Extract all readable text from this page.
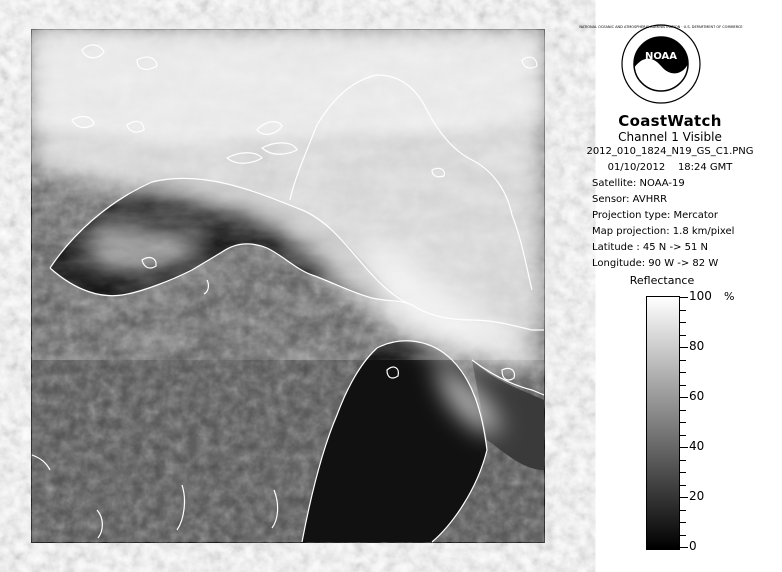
NOAA
NATIONAL OCEANIC AND ATMOSPHERIC ADMINISTRATION · U.S. DEPARTMENT OF COMMERCE
CoastWatch
Channel 1 Visible
2012_010_1824_N19_GS_C1.PNG
01/10/2012 18:24 GMT
Satellite: NOAA-19
Sensor: AVHRR
Projection type: Mercator
Map projection: 1.8 km/pixel
Latitude : 45 N -> 51 N
Longitude: 90 W -> 82 W
Reflectance
%
0
20
40
60
80
100
